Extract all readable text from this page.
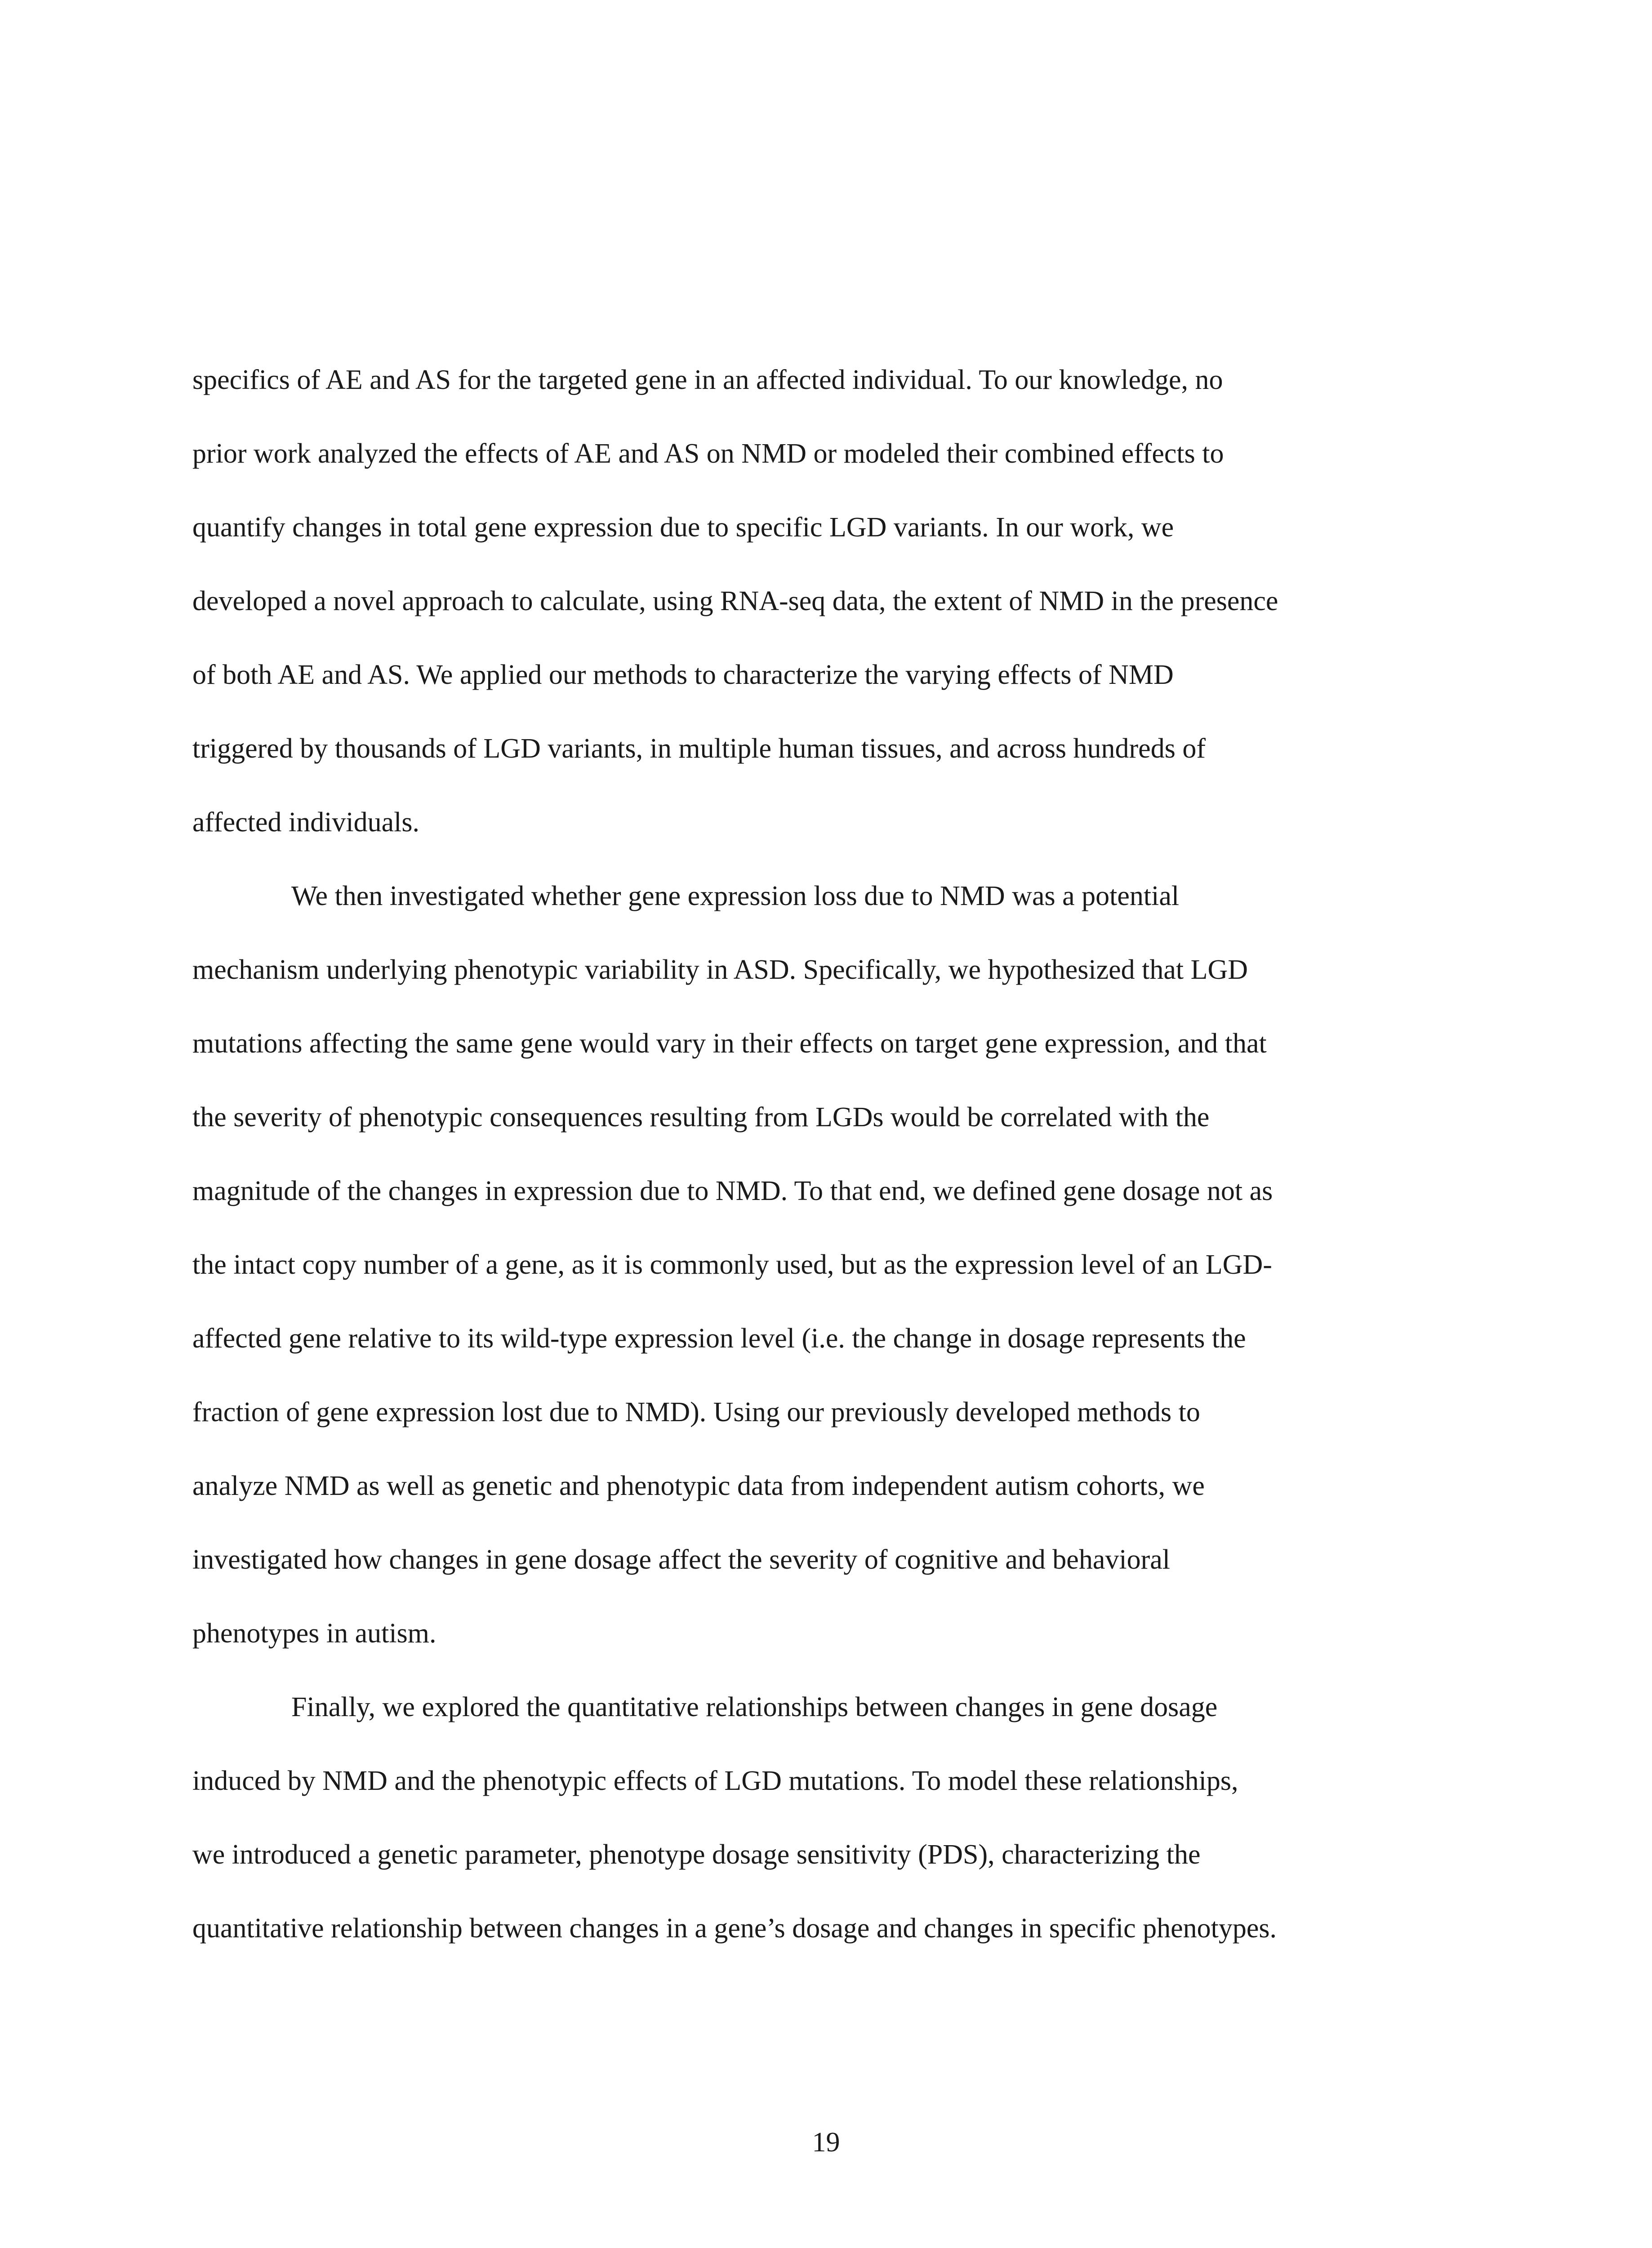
specifics of AE and AS for the targeted gene in an affected individual. To our knowledge, no
prior work analyzed the effects of AE and AS on NMD or modeled their combined effects to
quantify changes in total gene expression due to specific LGD variants. In our work, we
developed a novel approach to calculate, using RNA-seq data, the extent of NMD in the presence
of both AE and AS. We applied our methods to characterize the varying effects of NMD
triggered by thousands of LGD variants, in multiple human tissues, and across hundreds of
affected individuals.
We then investigated whether gene expression loss due to NMD was a potential
mechanism underlying phenotypic variability in ASD. Specifically, we hypothesized that LGD
mutations affecting the same gene would vary in their effects on target gene expression, and that
the severity of phenotypic consequences resulting from LGDs would be correlated with the
magnitude of the changes in expression due to NMD. To that end, we defined gene dosage not as
the intact copy number of a gene, as it is commonly used, but as the expression level of an LGD-
affected gene relative to its wild-type expression level (i.e. the change in dosage represents the
fraction of gene expression lost due to NMD). Using our previously developed methods to
analyze NMD as well as genetic and phenotypic data from independent autism cohorts, we
investigated how changes in gene dosage affect the severity of cognitive and behavioral
phenotypes in autism.
Finally, we explored the quantitative relationships between changes in gene dosage
induced by NMD and the phenotypic effects of LGD mutations. To model these relationships,
we introduced a genetic parameter, phenotype dosage sensitivity (PDS), characterizing the
quantitative relationship between changes in a gene’s dosage and changes in specific phenotypes.
19
